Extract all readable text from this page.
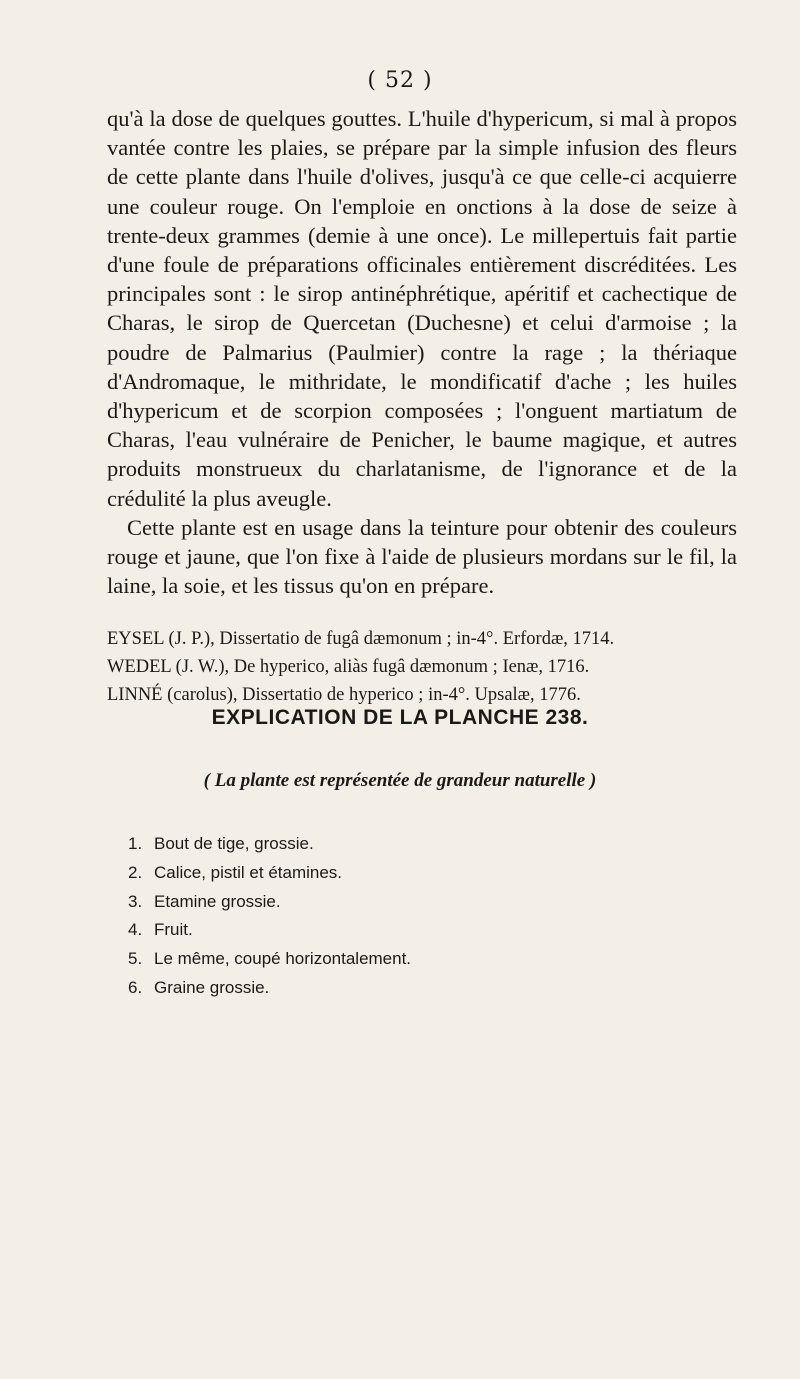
( 52 )

qu'à la dose de quelques gouttes. L'huile d'hypericum, si mal à propos vantée contre les plaies, se prépare par la simple infusion des fleurs de cette plante dans l'huile d'olives, jusqu'à ce que celle-ci acquierre une couleur rouge. On l'emploie en onctions à la dose de seize à trente-deux grammes (demie à une once). Le millepertuis fait partie d'une foule de préparations officinales entièrement discréditées. Les principales sont : le sirop antinéphrétique, apéritif et cachectique de Charas, le sirop de Quercetan (Duchesne) et celui d'armoise ; la poudre de Palmarius (Paulmier) contre la rage ; la thériaque d'Andromaque, le mithridate, le mondificatif d'ache ; les huiles d'hypericum et de scorpion composées ; l'onguent martiatum de Charas, l'eau vulnéraire de Penicher, le baume magique, et autres produits monstrueux du charlatanisme, de l'ignorance et de la crédulité la plus aveugle.

Cette plante est en usage dans la teinture pour obtenir des couleurs rouge et jaune, que l'on fixe à l'aide de plusieurs mordans sur le fil, la laine, la soie, et les tissus qu'on en prépare.

EYSEL (J. P.), Dissertatio de fugâ dæmonum ; in-4°. Erfordæ, 1714.
WEDEL (J. W.), De hyperico, aliàs fugâ dæmonum ; Ienæ, 1716.
LINNÉ (carolus), Dissertatio de hyperico ; in-4°. Upsalæ, 1776.
EXPLICATION DE LA PLANCHE 238.
( La plante est représentée de grandeur naturelle )
1. Bout de tige, grossie.
2. Calice, pistil et étamines.
3. Etamine grossie.
4. Fruit.
5. Le même, coupé horizontalement.
6. Graine grossie.
